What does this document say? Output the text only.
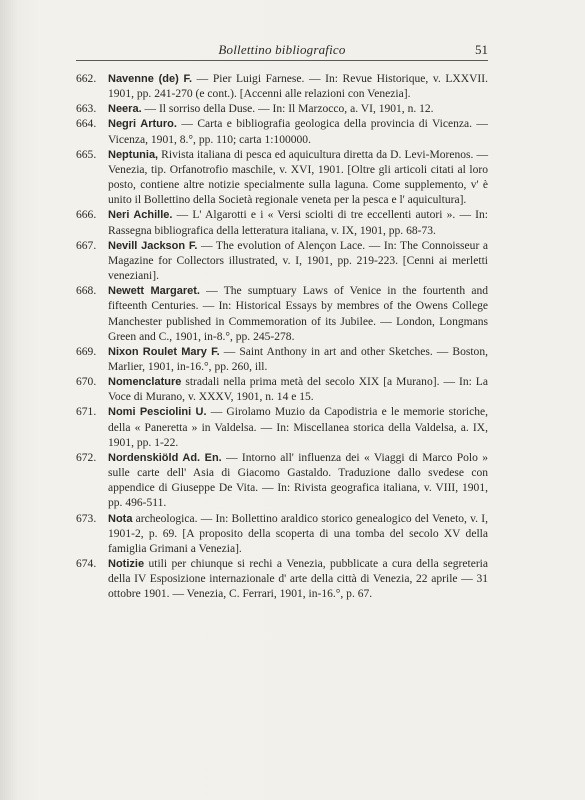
Bollettino bibliografico	51
662.	Navenne (de) F. — Pier Luigi Farnese. — In: Revue Historique, v. LXXVII. 1901, pp. 241-270 (e cont.). [Accenni alle relazioni con Venezia].
663.	Neera. — Il sorriso della Duse. — In: Il Marzocco, a. VI, 1901, n. 12.
664.	Negri Arturo. — Carta e bibliografia geologica della provincia di Vicenza. — Vicenza, 1901, 8.°, pp. 110; carta 1:100000.
665.	Neptunia, Rivista italiana di pesca ed aquicultura diretta da D. Levi-Morenos. — Venezia, tip. Orfanotrofio maschile, v. XVI, 1901. [Oltre gli articoli citati al loro posto, contiene altre notizie specialmente sulla laguna. Come supplemento, v' è unito il Bollettino della Società regionale veneta per la pesca e l' aquicultura].
666.	Neri Achille. — L' Algarotti e i « Versi sciolti di tre eccellenti autori ». — In: Rassegna bibliografica della letteratura italiana, v. IX, 1901, pp. 68-73.
667.	Nevill Jackson F. — The evolution of Alençon Lace. — In: The Connoisseur a Magazine for Collectors illustrated, v. I, 1901, pp. 219-223. [Cenni ai merletti veneziani].
668.	Newett Margaret. — The sumptuary Laws of Venice in the fourtenth and fifteenth Centuries. — In: Historical Essays by membres of the Owens College Manchester published in Commemoration of its Jubilee. — London, Longmans Green and C., 1901, in-8.°, pp. 245-278.
669.	Nixon Roulet Mary F. — Saint Anthony in art and other Sketches. — Boston, Marlier, 1901, in-16.°, pp. 260, ill.
670.	Nomenclature stradali nella prima metà del secolo XIX [a Murano]. — In: La Voce di Murano, v. XXXV, 1901, n. 14 e 15.
671.	Nomi Pesciolini U. — Girolamo Muzio da Capodistria e le memorie storiche, della « Paneretta » in Valdelsa. — In: Miscellanea storica della Valdelsa, a. IX, 1901, pp. 1-22.
672.	Nordenskiöld Ad. En. — Intorno all' influenza dei « Viaggi di Marco Polo » sulle carte dell' Asia di Giacomo Gastaldo. Traduzione dallo svedese con appendice di Giuseppe De Vita. — In: Rivista geografica italiana, v. VIII, 1901, pp. 496-511.
673.	Nota archeologica. — In: Bollettino araldico storico genealogico del Veneto, v. I, 1901-2, p. 69. [A proposito della scoperta di una tomba del secolo XV della famiglia Grimani a Venezia].
674.	Notizie utili per chiunque si rechi a Venezia, pubblicate a cura della segreteria della IV Esposizione internazionale d' arte della città di Venezia, 22 aprile — 31 ottobre 1901. — Venezia, C. Ferrari, 1901, in-16.°, p. 67.
